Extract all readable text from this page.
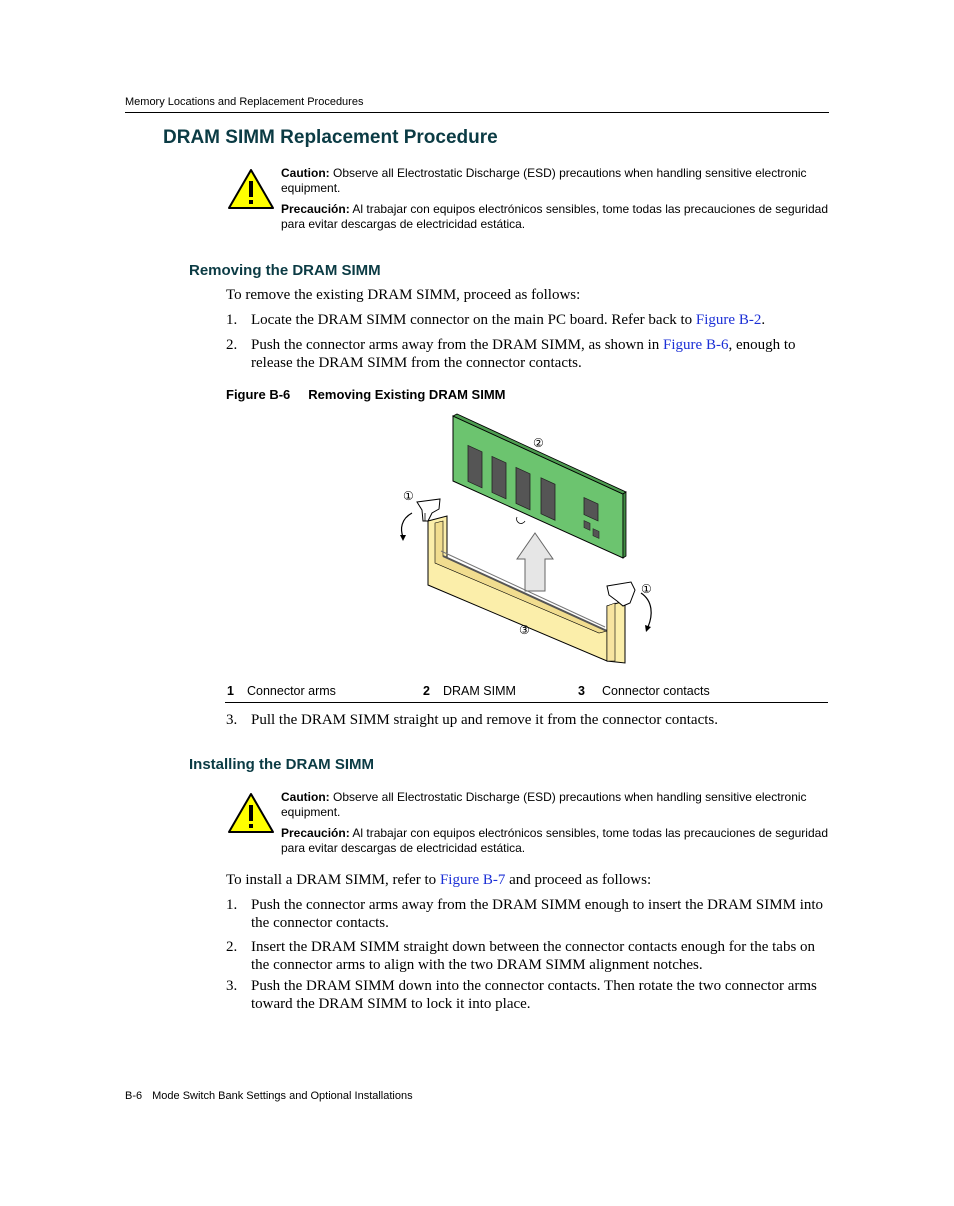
Memory Locations and Replacement Procedures
DRAM SIMM Replacement Procedure
Caution: Observe all Electrostatic Discharge (ESD) precautions when handling sensitive electronic equipment.
Precaución: Al trabajar con equipos electrónicos sensibles, tome todas las precauciones de seguridad para evitar descargas de electricidad estática.
Removing the DRAM SIMM
To remove the existing DRAM SIMM, proceed as follows:
1. Locate the DRAM SIMM connector on the main PC board. Refer back to Figure B-2.
2. Push the connector arms away from the DRAM SIMM, as shown in Figure B-6, enough to release the DRAM SIMM from the connector contacts.
Figure B-6 Removing Existing DRAM SIMM
②
①
①
③
1 Connector arms	2 DRAM SIMM	3 Connector contacts
3. Pull the DRAM SIMM straight up and remove it from the connector contacts.
Installing the DRAM SIMM
Caution: Observe all Electrostatic Discharge (ESD) precautions when handling sensitive electronic equipment.
Precaución: Al trabajar con equipos electrónicos sensibles, tome todas las precauciones de seguridad para evitar descargas de electricidad estática.
To install a DRAM SIMM, refer to Figure B-7 and proceed as follows:
1. Push the connector arms away from the DRAM SIMM enough to insert the DRAM SIMM into the connector contacts.
2. Insert the DRAM SIMM straight down between the connector contacts enough for the tabs on the connector arms to align with the two DRAM SIMM alignment notches.
3. Push the DRAM SIMM down into the connector contacts. Then rotate the two connector arms toward the DRAM SIMM to lock it into place.
B-6 Mode Switch Bank Settings and Optional Installations
